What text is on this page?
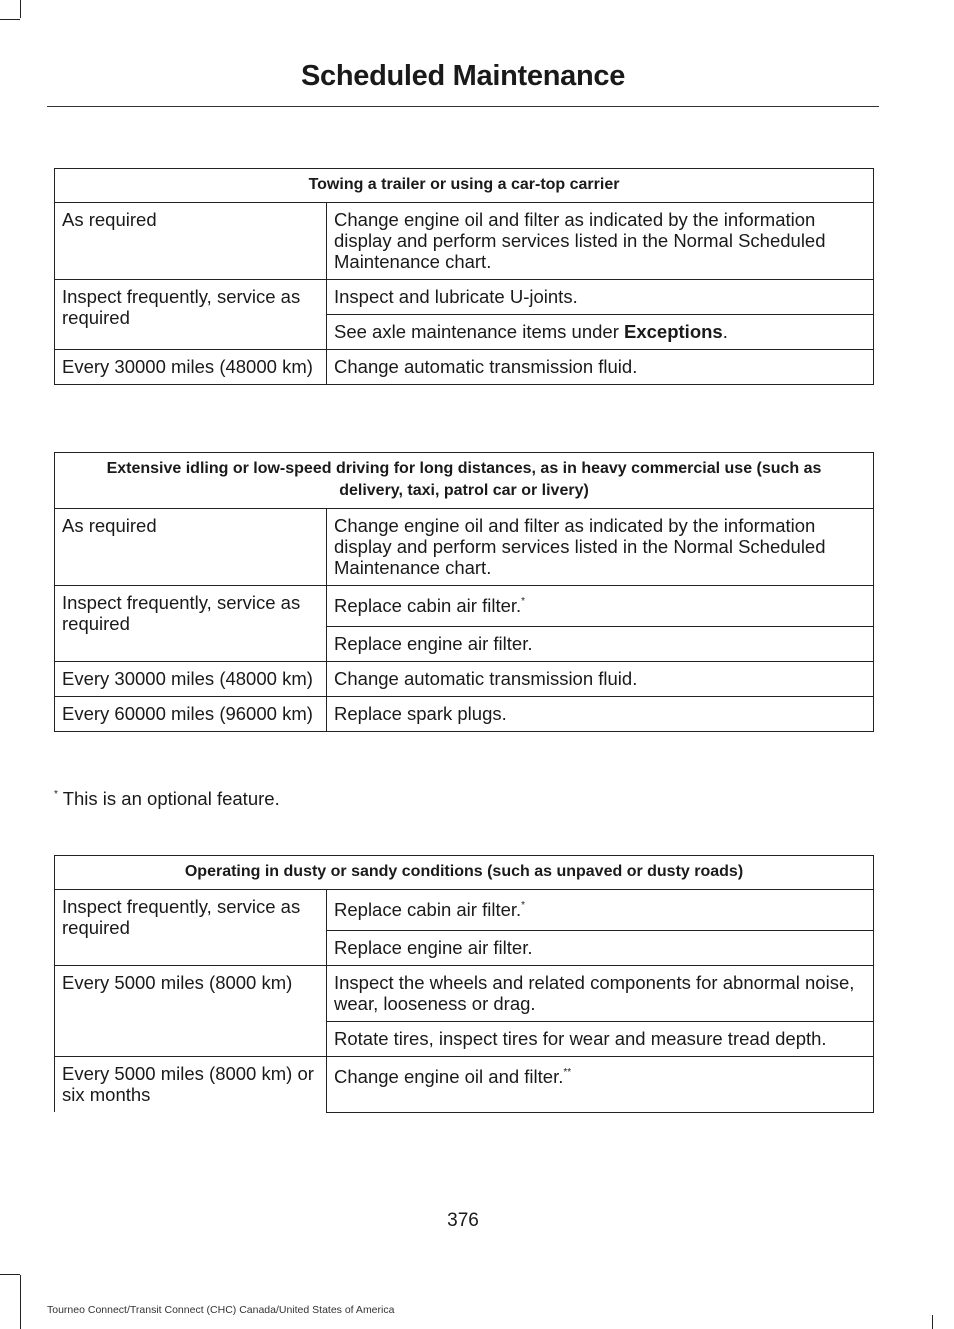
Scheduled Maintenance
Towing a trailer or using a car-top carrier	
As required	Change engine oil and filter as indicated by the information display and perform services listed in the Normal Scheduled Maintenance chart.
Inspect frequently, service as required	Inspect and lubricate U-joints.
	See axle maintenance items under Exceptions.
Every 30000 miles (48000 km)	Change automatic transmission fluid.
Extensive idling or low-speed driving for long distances, as in heavy commercial use (such as delivery, taxi, patrol car or livery)	
As required	Change engine oil and filter as indicated by the information display and perform services listed in the Normal Scheduled Maintenance chart.
Inspect frequently, service as required	Replace cabin air filter.*
	Replace engine air filter.
Every 30000 miles (48000 km)	Change automatic transmission fluid.
Every 60000 miles (96000 km)	Replace spark plugs.
* This is an optional feature.
Operating in dusty or sandy conditions (such as unpaved or dusty roads)	
Inspect frequently, service as required	Replace cabin air filter.*
	Replace engine air filter.
Every 5000 miles (8000 km)	Inspect the wheels and related components for abnormal noise, wear, looseness or drag.
	Rotate tires, inspect tires for wear and measure tread depth.
Every 5000 miles (8000 km) or six months	Change engine oil and filter.**
376
Tourneo Connect/Transit Connect (CHC) Canada/United States of America
